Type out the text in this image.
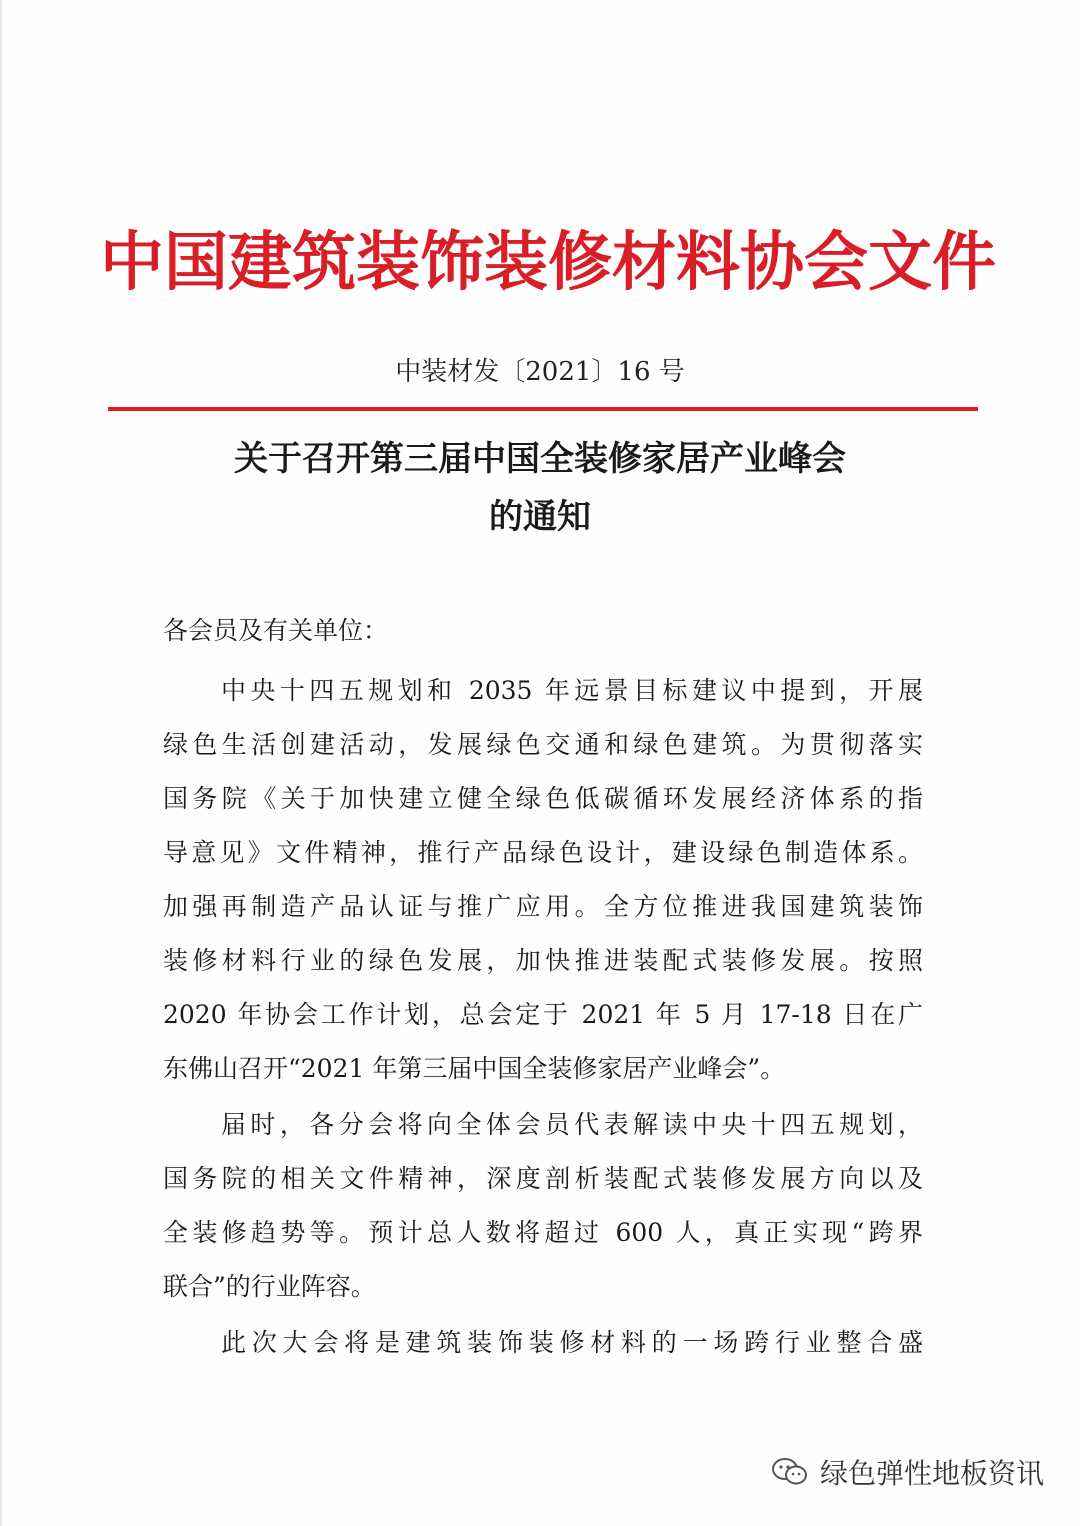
中国建筑装饰装修材料协会文件
中装材发〔2021〕16 号
关于召开第三届中国全装修家居产业峰会
的通知
各会员及有关单位：
中央十四五规划和 2035 年远景目标建议中提到，开展
绿色生活创建活动，发展绿色交通和绿色建筑。为贯彻落实
国务院《关于加快建立健全绿色低碳循环发展经济体系的指
导意见》文件精神，推行产品绿色设计，建设绿色制造体系。
加强再制造产品认证与推广应用。全方位推进我国建筑装饰
装修材料行业的绿色发展，加快推进装配式装修发展。按照
2020 年协会工作计划，总会定于 2021 年 5 月 17-18 日在广
东佛山召开“2021 年第三届中国全装修家居产业峰会”。
届时，各分会将向全体会员代表解读中央十四五规划，
国务院的相关文件精神，深度剖析装配式装修发展方向以及
全装修趋势等。预计总人数将超过 600 人，真正实现“跨界
联合”的行业阵容。
此次大会将是建筑装饰装修材料的一场跨行业整合盛
绿色弹性地板资讯
